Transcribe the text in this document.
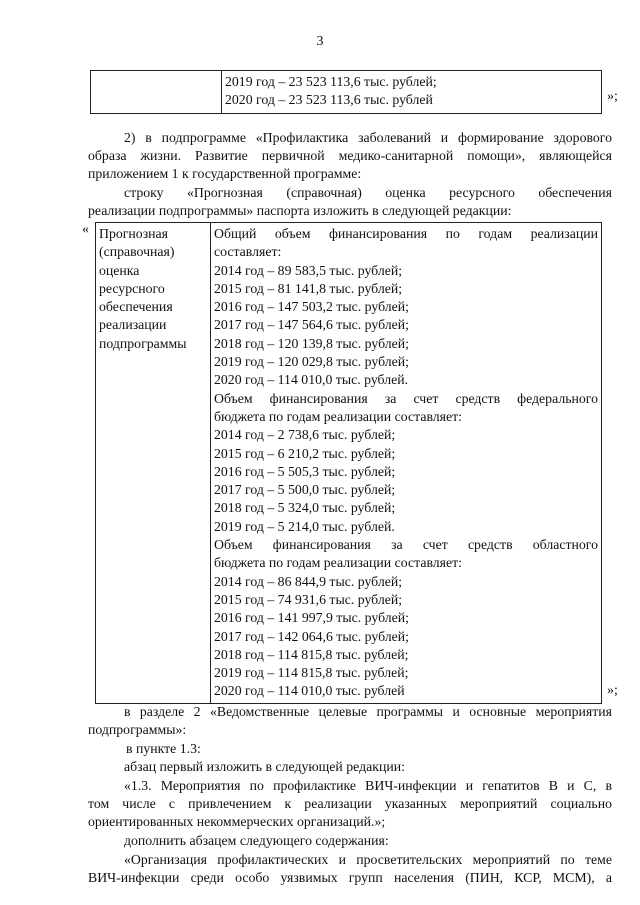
3

2019 год – 23 523 113,6 тыс. рублей;
2020 год – 23 523 113,6 тыс. рублей	»;
2) в подпрограмме «Профилактика заболеваний и формирование здорового
образа жизни. Развитие первичной медико-санитарной помощи», являющейся
приложением 1 к государственной программе:
строку «Прогнозная (справочная) оценка ресурсного обеспечения
реализации подпрограммы» паспорта изложить в следующей редакции:
« Прогнозная
(справочная)
оценка
ресурсного
обеспечения
реализации
подпрограммы

Общий объем финансирования по годам реализации
составляет:
2014 год – 89 583,5 тыс. рублей;
2015 год – 81 141,8 тыс. рублей;
2016 год – 147 503,2 тыс. рублей;
2017 год – 147 564,6 тыс. рублей;
2018 год – 120 139,8 тыс. рублей;
2019 год – 120 029,8 тыс. рублей;
2020 год – 114 010,0 тыс. рублей.
Объем финансирования за счет средств федерального
бюджета по годам реализации составляет:
2014 год – 2 738,6 тыс. рублей;
2015 год – 6 210,2 тыс. рублей;
2016 год – 5 505,3 тыс. рублей;
2017 год – 5 500,0 тыс. рублей;
2018 год – 5 324,0 тыс. рублей;
2019 год – 5 214,0 тыс. рублей.
Объем финансирования за счет средств областного
бюджета по годам реализации составляет:
2014 год – 86 844,9 тыс. рублей;
2015 год – 74 931,6 тыс. рублей;
2016 год – 141 997,9 тыс. рублей;
2017 год – 142 064,6 тыс. рублей;
2018 год – 114 815,8 тыс. рублей;
2019 год – 114 815,8 тыс. рублей;
2020 год – 114 010,0 тыс. рублей	»;
в разделе 2 «Ведомственные целевые программы и основные мероприятия
подпрограммы»:
в пункте 1.3:
абзац первый изложить в следующей редакции:
«1.3. Мероприятия по профилактике ВИЧ-инфекции и гепатитов В и С, в
том числе с привлечением к реализации указанных мероприятий социально
ориентированных некоммерческих организаций.»;
дополнить абзацем следующего содержания:
«Организация профилактических и просветительских мероприятий по теме
ВИЧ-инфекции среди особо уязвимых групп населения (ПИН, КСР, МСМ), а
